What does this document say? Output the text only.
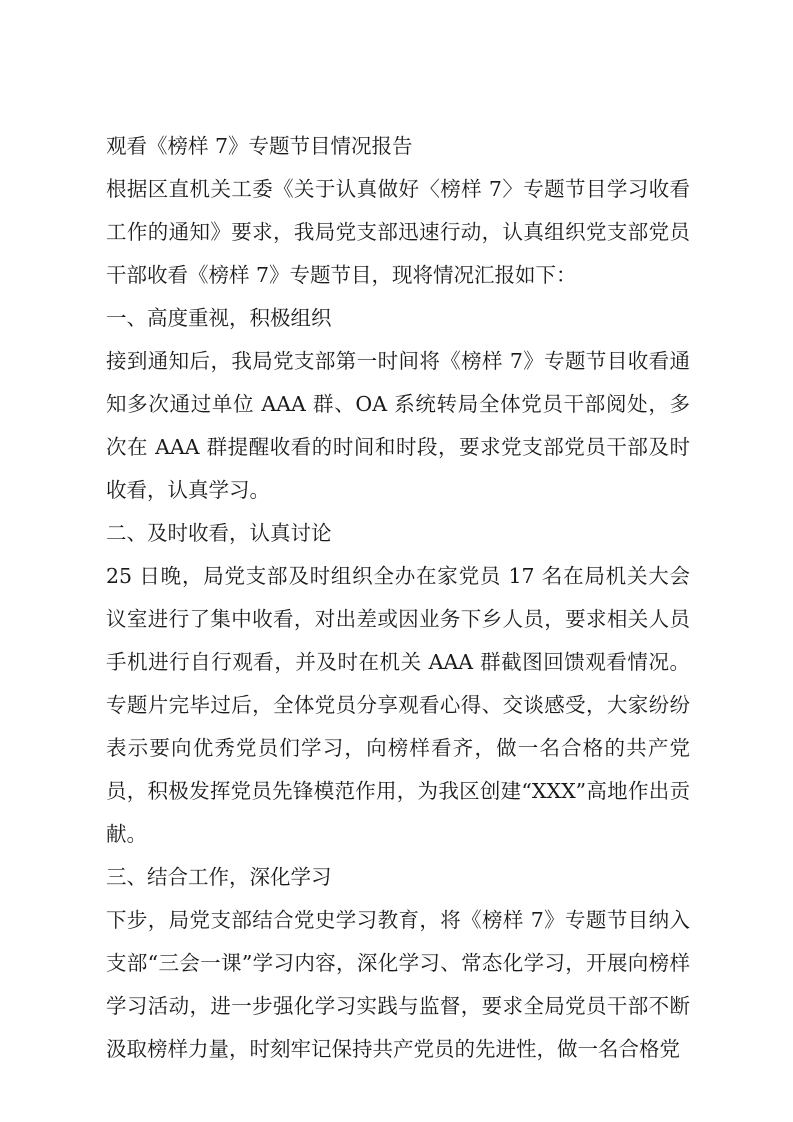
观看《榜样 7》专题节目情况报告

根据区直机关工委《关于认真做好〈榜样 7〉专题节目学习收看工作的通知》要求，我局党支部迅速行动，认真组织党支部党员干部收看《榜样 7》专题节目，现将情况汇报如下：

一、高度重视，积极组织

接到通知后，我局党支部第一时间将《榜样 7》专题节目收看通知多次通过单位 AAA 群、OA 系统转局全体党员干部阅处，多次在 AAA 群提醒收看的时间和时段，要求党支部党员干部及时收看，认真学习。

二、及时收看，认真讨论

25 日晚，局党支部及时组织全办在家党员 17 名在局机关大会议室进行了集中收看，对出差或因业务下乡人员，要求相关人员手机进行自行观看，并及时在机关 AAA 群截图回馈观看情况。专题片完毕过后，全体党员分享观看心得、交谈感受，大家纷纷表示要向优秀党员们学习，向榜样看齐，做一名合格的共产党员，积极发挥党员先锋模范作用，为我区创建“XXX”高地作出贡献。

三、结合工作，深化学习

下步，局党支部结合党史学习教育，将《榜样 7》专题节目纳入支部“三会一课”学习内容，深化学习、常态化学习，开展向榜样学习活动，进一步强化学习实践与监督，要求全局党员干部不断汲取榜样力量，时刻牢记保持共产党员的先进性，做一名合格党
